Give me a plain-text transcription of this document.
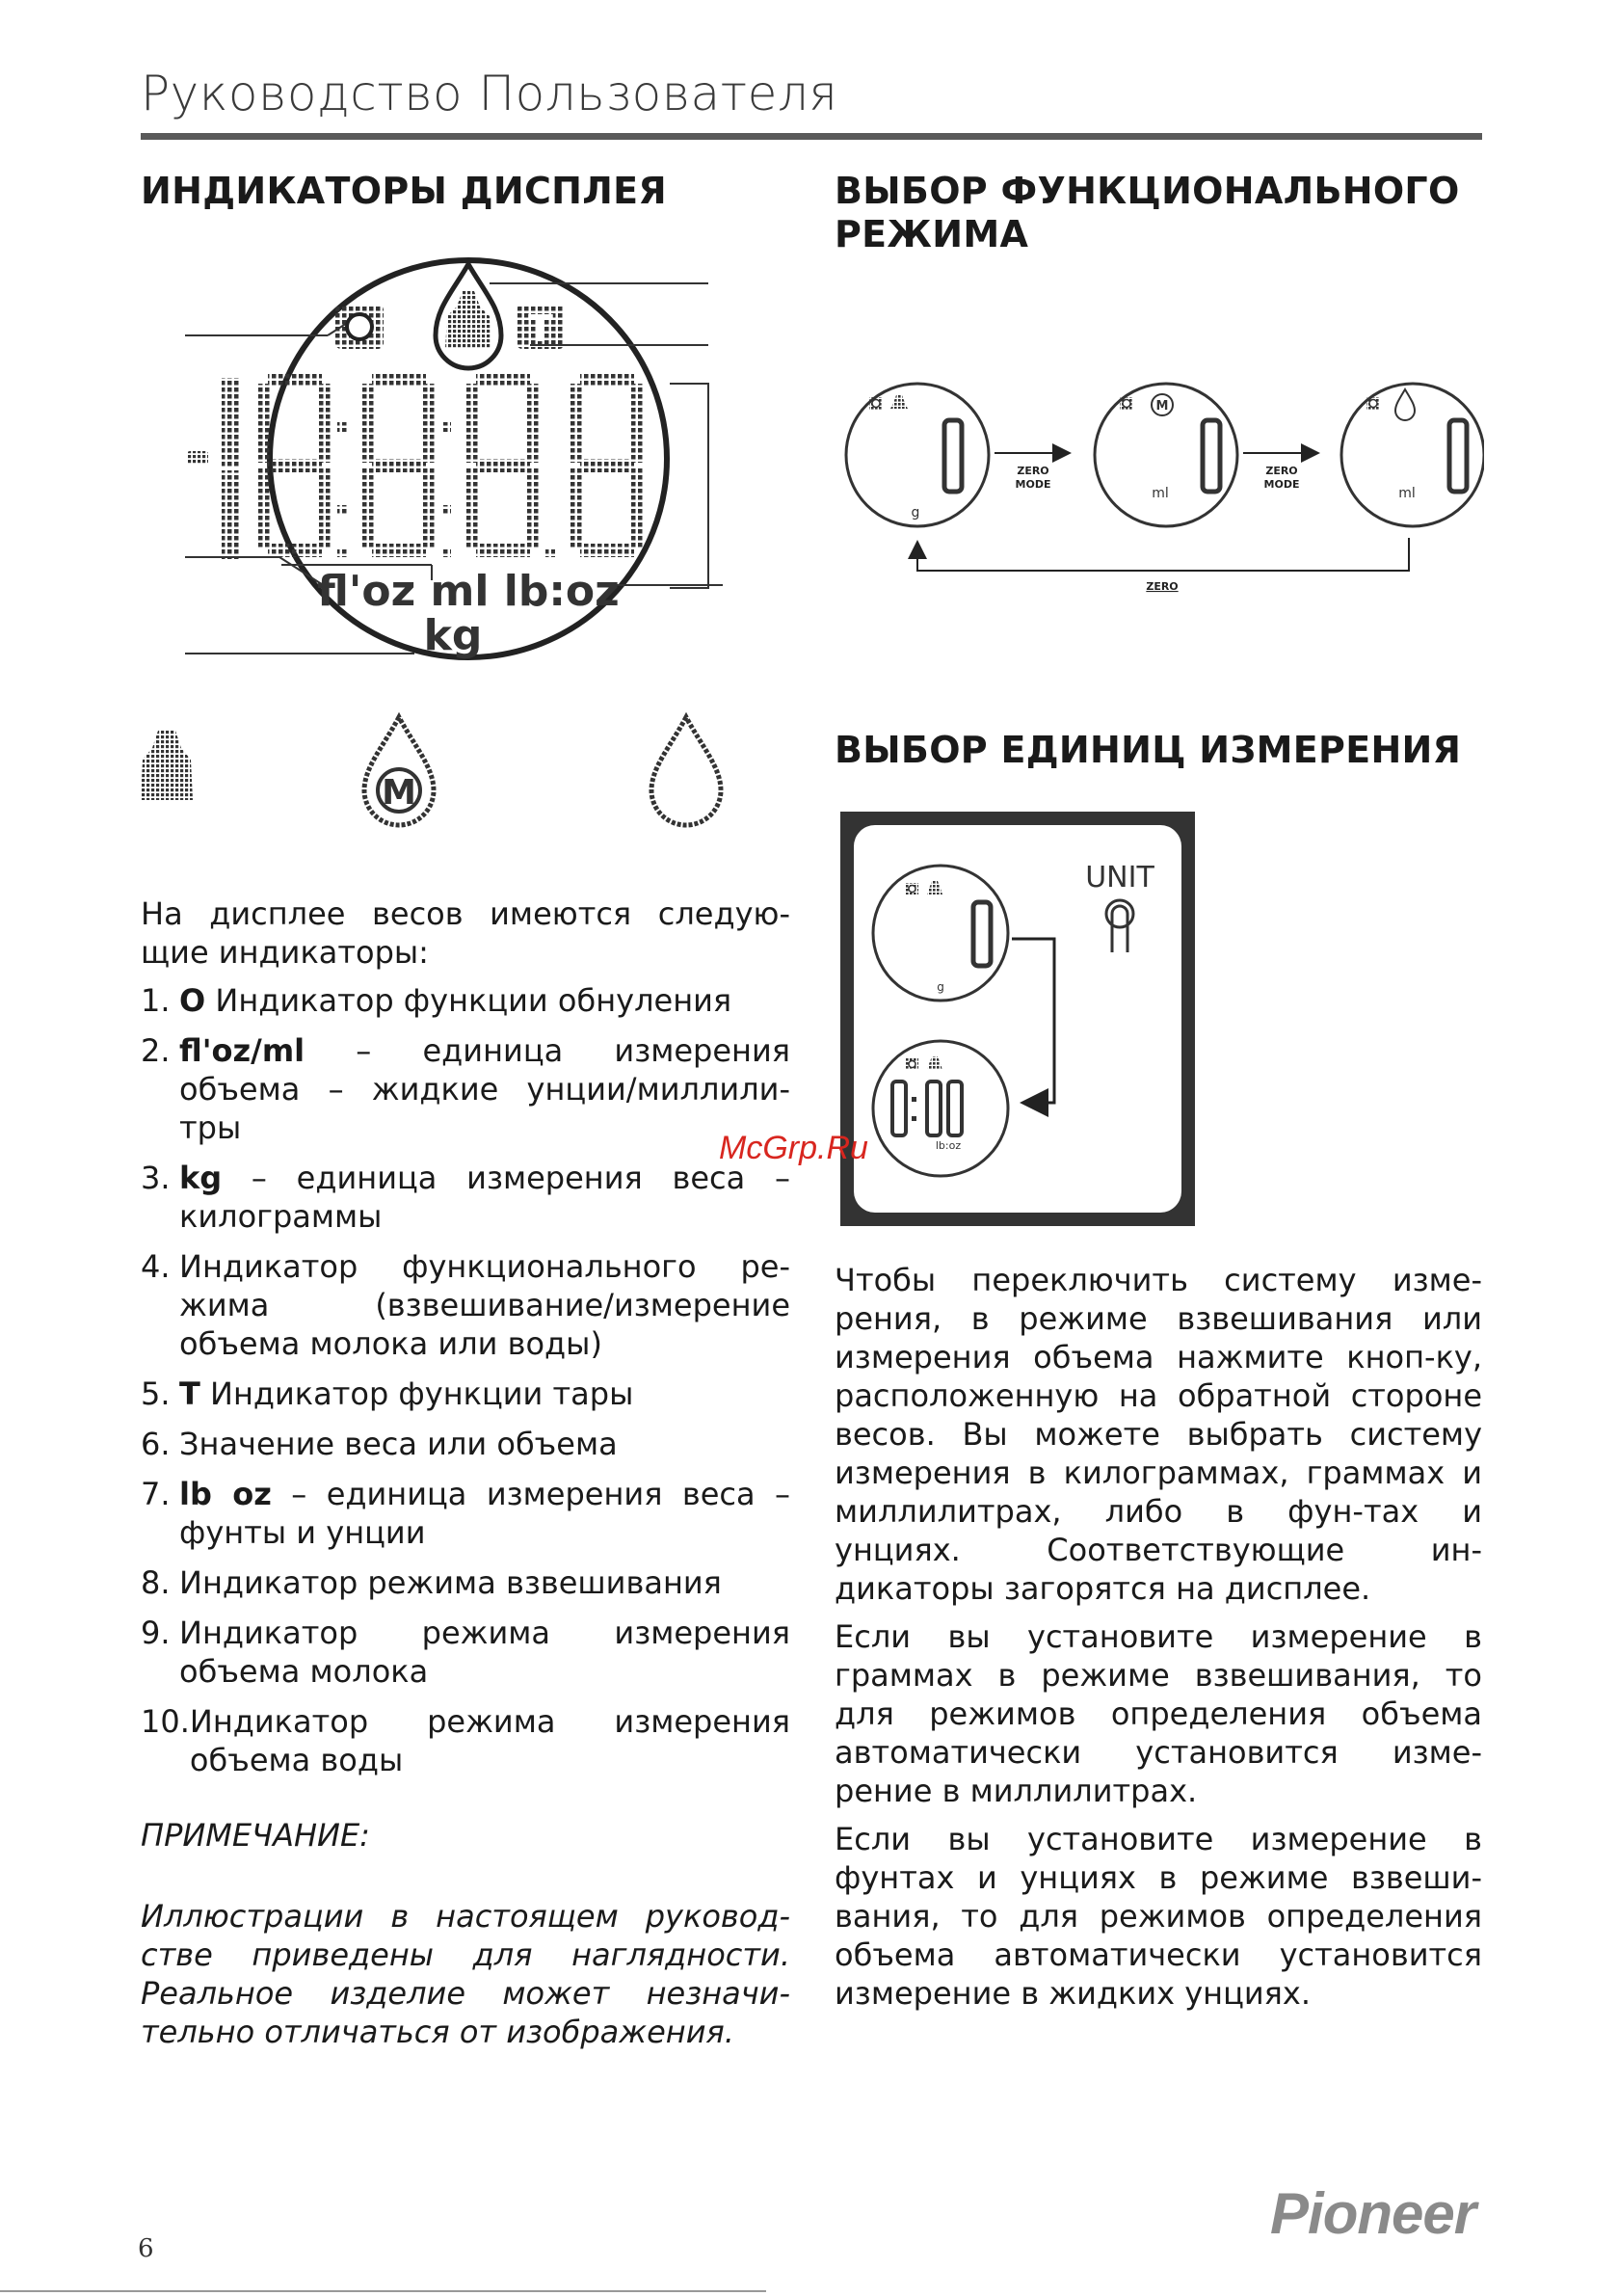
Руководство Пользователя
ИНДИКАТОРЫ ДИСПЛЕЯ
T
fl'oz ml lb:oz
kg
M

На дисплее весов имеются следую-щие индикаторы:

1. O Индикатор функции обнуления
2. fl'oz/ml – единица измерения объема – жидкие унции/миллили-тры
3. kg – единица измерения веса – килограммы
4. Индикатор функционального ре-жима (взвешивание/измерение объема молока или воды)
5. T Индикатор функции тары
6. Значение веса или объема
7. lb oz – единица измерения веса – фунты и унции
8. Индикатор режима взвешивания
9. Индикатор режима измерения объема молока
10. Индикатор режима измерения объема воды
ПРИМЕЧАНИЕ:
Иллюстрации в настоящем руковод-стве приведены для наглядности. Реальное изделие может незначи-тельно отличаться от изображения.
ВЫБОР ФУНКЦИОНАЛЬНОГО РЕЖИМА
g
ZERO
MODE
M
ml
ZERO
MODE
ml
ZERO
ВЫБОР ЕДИНИЦ ИЗМЕРЕНИЯ
UNIT
g
lb:oz
McGrp.Ru

Чтобы переключить систему изме-рения, в режиме взвешивания или измерения объема нажмите кноп-ку, расположенную на обратной стороне весов. Вы можете выбрать систему измерения в килограммах, граммах и миллилитрах, либо в фун-тах и унциях. Соответствующие ин-дикаторы загорятся на дисплее.

Если вы установите измерение в граммах в режиме взвешивания, то для режимов определения объема автоматически установится изме-рение в миллилитрах.

Если вы установите измерение в фунтах и унциях в режиме взвеши-вания, то для режимов определения объема автоматически установится измерение в жидких унциях.

Pioneer
6
